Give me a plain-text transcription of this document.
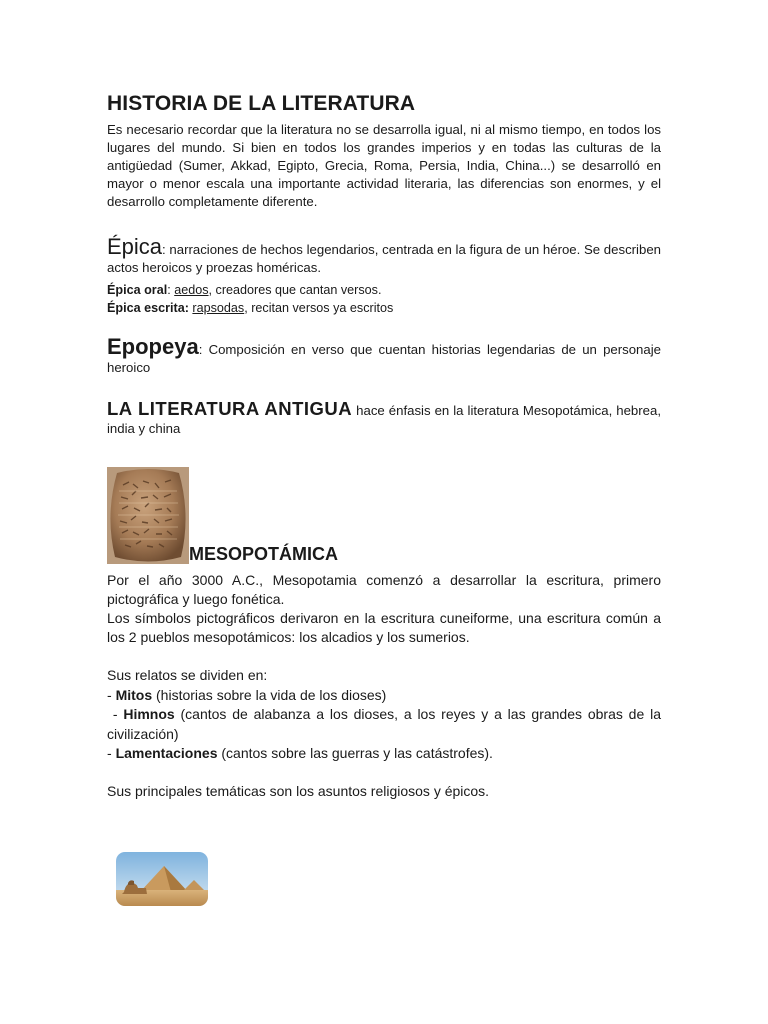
HISTORIA DE LA LITERATURA

Es necesario recordar que la literatura no se desarrolla igual, ni al mismo tiempo, en todos los lugares del mundo. Si bien en todos los grandes imperios y en todas las culturas de la antigüedad (Sumer, Akkad, Egipto, Grecia, Roma, Persia, India, China...) se desarrolló en mayor o menor escala una importante actividad literaria, las diferencias son enormes, y el desarrollo completamente diferente.

Épica: narraciones de hechos legendarios, centrada en la figura de un héroe. Se describen actos heroicos y proezas homéricas.
Épica oral: aedos, creadores que cantan versos.
Épica escrita: rapsodas, recitan versos ya escritos
Epopeya: Composición en verso que cuentan historias legendarias de un personaje heroico
LA LITERATURA ANTIGUA hace énfasis en la literatura Mesopotámica, hebrea, india y china
MESOPOTÁMICA

Por el año 3000 A.C., Mesopotamia comenzó a desarrollar la escritura, primero pictográfica y luego fonética.

Los símbolos pictográficos derivaron en la escritura cuneiforme, una escritura común a los 2 pueblos mesopotámicos: los alcadios y los sumerios.

Sus relatos se dividen en:

- Mitos (historias sobre la vida de los dioses)

- Himnos (cantos de alabanza a los dioses, a los reyes y a las grandes obras de la civilización)

- Lamentaciones (cantos sobre las guerras y las catástrofes).

Sus principales temáticas son los asuntos religiosos y épicos.
